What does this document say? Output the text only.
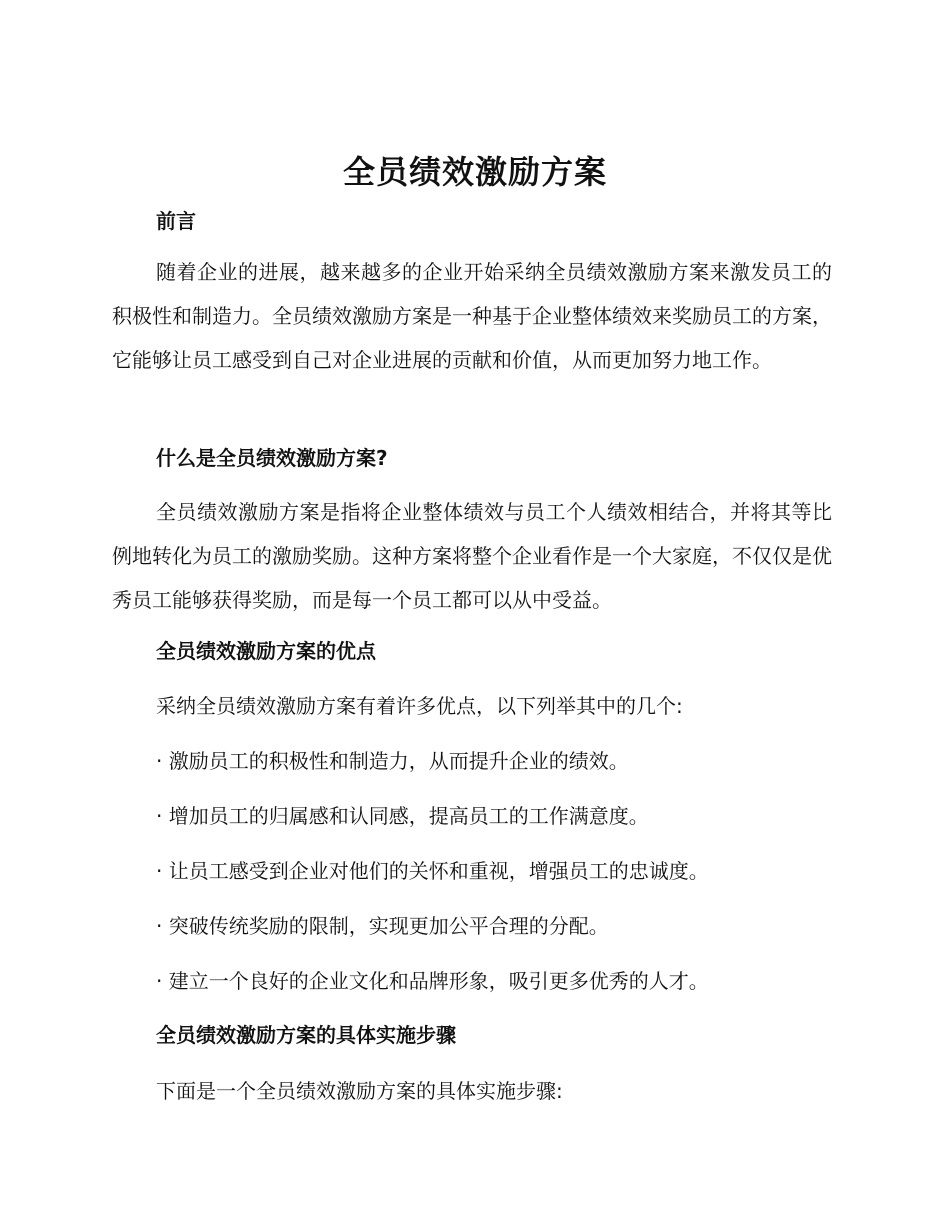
全员绩效激励方案
前言
随着企业的进展，越来越多的企业开始采纳全员绩效激励方案来激发员工的积极性和制造力。全员绩效激励方案是一种基于企业整体绩效来奖励员工的方案，它能够让员工感受到自己对企业进展的贡献和价值，从而更加努力地工作。
什么是全员绩效激励方案?
全员绩效激励方案是指将企业整体绩效与员工个人绩效相结合，并将其等比例地转化为员工的激励奖励。这种方案将整个企业看作是一个大家庭，不仅仅是优秀员工能够获得奖励，而是每一个员工都可以从中受益。
全员绩效激励方案的优点
采纳全员绩效激励方案有着许多优点，以下列举其中的几个:
· 激励员工的积极性和制造力，从而提升企业的绩效。
· 增加员工的归属感和认同感，提高员工的工作满意度。
· 让员工感受到企业对他们的关怀和重视，增强员工的忠诚度。
· 突破传统奖励的限制，实现更加公平合理的分配。
· 建立一个良好的企业文化和品牌形象，吸引更多优秀的人才。
全员绩效激励方案的具体实施步骤
下面是一个全员绩效激励方案的具体实施步骤:
